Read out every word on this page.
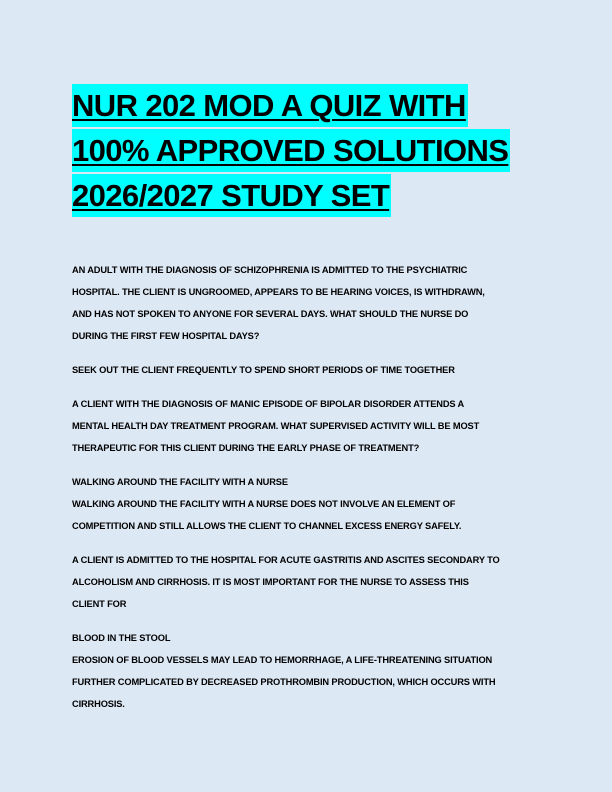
NUR 202 MOD A QUIZ WITH
100% APPROVED SOLUTIONS
2026/2027 STUDY SET
AN ADULT WITH THE DIAGNOSIS OF SCHIZOPHRENIA IS ADMITTED TO THE PSYCHIATRIC
HOSPITAL. THE CLIENT IS UNGROOMED, APPEARS TO BE HEARING VOICES, IS WITHDRAWN,
AND HAS NOT SPOKEN TO ANYONE FOR SEVERAL DAYS. WHAT SHOULD THE NURSE DO
DURING THE FIRST FEW HOSPITAL DAYS?
SEEK OUT THE CLIENT FREQUENTLY TO SPEND SHORT PERIODS OF TIME TOGETHER
A CLIENT WITH THE DIAGNOSIS OF MANIC EPISODE OF BIPOLAR DISORDER ATTENDS A
MENTAL HEALTH DAY TREATMENT PROGRAM. WHAT SUPERVISED ACTIVITY WILL BE MOST
THERAPEUTIC FOR THIS CLIENT DURING THE EARLY PHASE OF TREATMENT?
WALKING AROUND THE FACILITY WITH A NURSE
WALKING AROUND THE FACILITY WITH A NURSE DOES NOT INVOLVE AN ELEMENT OF
COMPETITION AND STILL ALLOWS THE CLIENT TO CHANNEL EXCESS ENERGY SAFELY.
A CLIENT IS ADMITTED TO THE HOSPITAL FOR ACUTE GASTRITIS AND ASCITES SECONDARY TO
ALCOHOLISM AND CIRRHOSIS. IT IS MOST IMPORTANT FOR THE NURSE TO ASSESS THIS
CLIENT FOR
BLOOD IN THE STOOL
EROSION OF BLOOD VESSELS MAY LEAD TO HEMORRHAGE, A LIFE-THREATENING SITUATION
FURTHER COMPLICATED BY DECREASED PROTHROMBIN PRODUCTION, WHICH OCCURS WITH
CIRRHOSIS.
